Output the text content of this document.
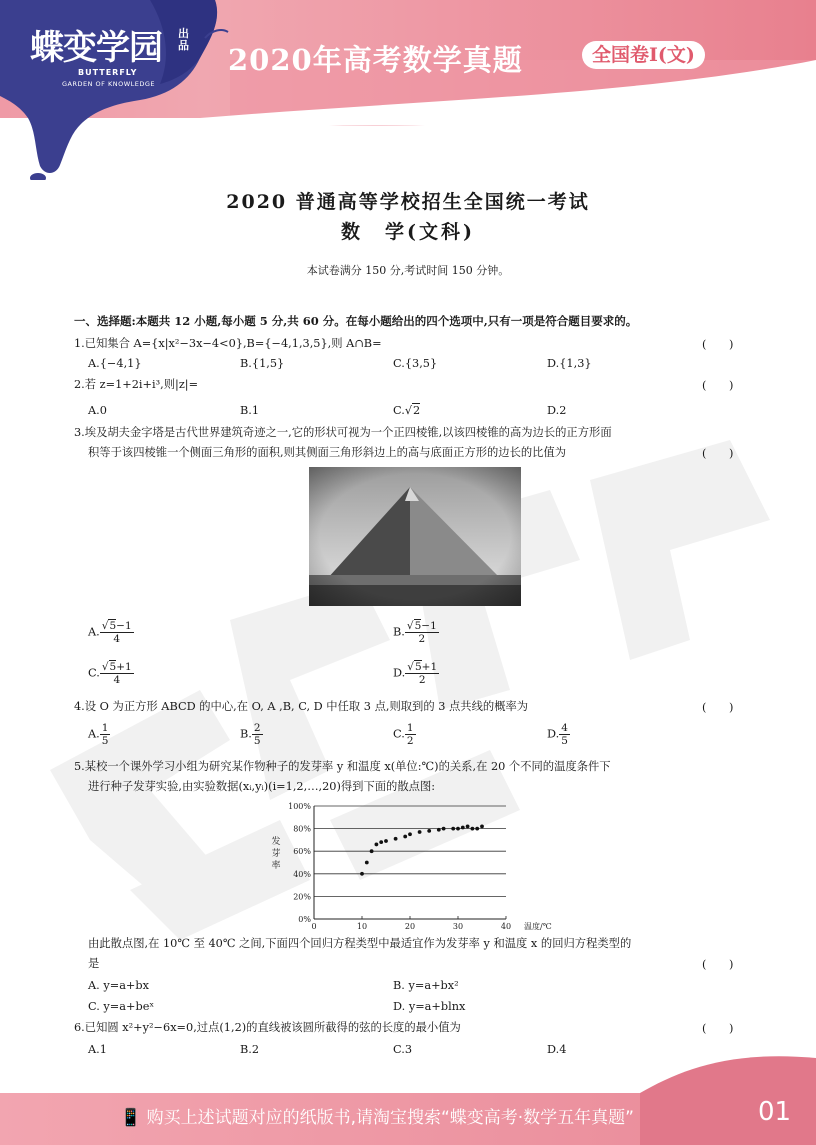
蝶变学园 出品
BUTTERFLY
GARDEN OF KNOWLEDGE
2020年高考数学真题	全国卷Ⅰ(文)
2020 普通高等学校招生全国统一考试
数　学(文科)
本试卷满分 150 分,考试时间 150 分钟。
一、选择题:本题共 12 小题,每小题 5 分,共 60 分。在每小题给出的四个选项中,只有一项是符合题目要求的。
1.已知集合 A={x|x²−3x−4<0},B={−4,1,3,5},则 A∩B=	(　　)
A.{−4,1}	B.{1,5}	C.{3,5}	D.{1,3}
2.若 z=1+2i+i³,则|z|=	(　　)
A.0	B.1	C.√2	D.2
3.埃及胡夫金字塔是古代世界建筑奇迹之一,它的形状可视为一个正四棱锥,以该四棱锥的高为边长的正方形面
积等于该四棱锥一个侧面三角形的面积,则其侧面三角形斜边上的高与底面正方形的边长的比值为	(　　)
A. $\frac{√5-1}{4}$	B. $\frac{√5-1}{2}$
C. $\frac{√5+1}{4}$	D. $\frac{√5+1}{2}$
4.设 O 为正方形 ABCD 的中心,在 O, A ,B, C, D 中任取 3 点,则取到的 3 点共线的概率为	(　　)
A. $\frac{1}{5}$	B. $\frac{2}{5}$	C. $\frac{1}{2}$	D. $\frac{4}{5}$
5.某校一个课外学习小组为研究某作物种子的发芽率 y 和温度 x(单位:℃)的关系,在 20 个不同的温度条件下
进行种子发芽实验,由实验数据(xᵢ,yᵢ)(i=1,2,…,20)得到下面的散点图:
0%
20%
40%
60%
80%
100%
0	10	20	30	40 温度/℃
发
芽
率
由此散点图,在 10℃ 至 40℃ 之间,下面四个回归方程类型中最适宜作为发芽率 y 和温度 x 的回归方程类型的
是	(　　)
A. y=a+bx	B. y=a+bx²
C. y=a+beˣ	D. y=a+blnx
6.已知圆 x²+y²−6x=0,过点(1,2)的直线被该圆所截得的弦的长度的最小值为	(　　)
A.1	B.2	C.3	D.4
📱 购买上述试题对应的纸版书,请淘宝搜索“蝶变高考·数学五年真题”	01
